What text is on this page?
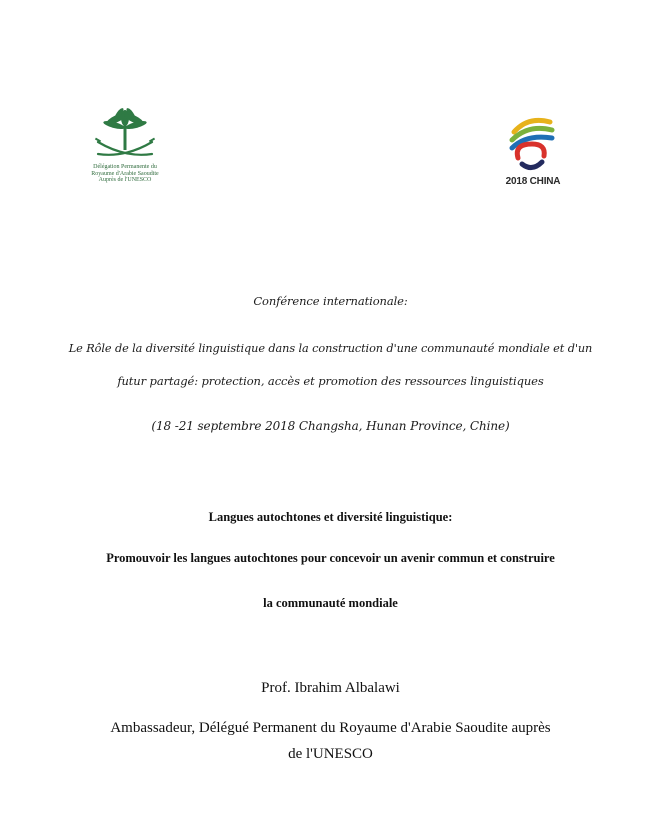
Délégation Permanente du
Royaume d'Arabie Saoudite
Auprès de l'UNESCO	2018 CHINA
Conférence internationale:
Le Rôle de la diversité linguistique dans la construction d'une communauté mondiale et d'un
futur partagé: protection, accès et promotion des ressources linguistiques
(18 -21 septembre 2018 Changsha, Hunan Province, Chine)
Langues autochtones et diversité linguistique:
Promouvoir les langues autochtones pour concevoir un avenir commun et construire
la communauté mondiale
Prof. Ibrahim Albalawi
Ambassadeur, Délégué Permanent du Royaume d'Arabie Saoudite auprès
de l'UNESCO
